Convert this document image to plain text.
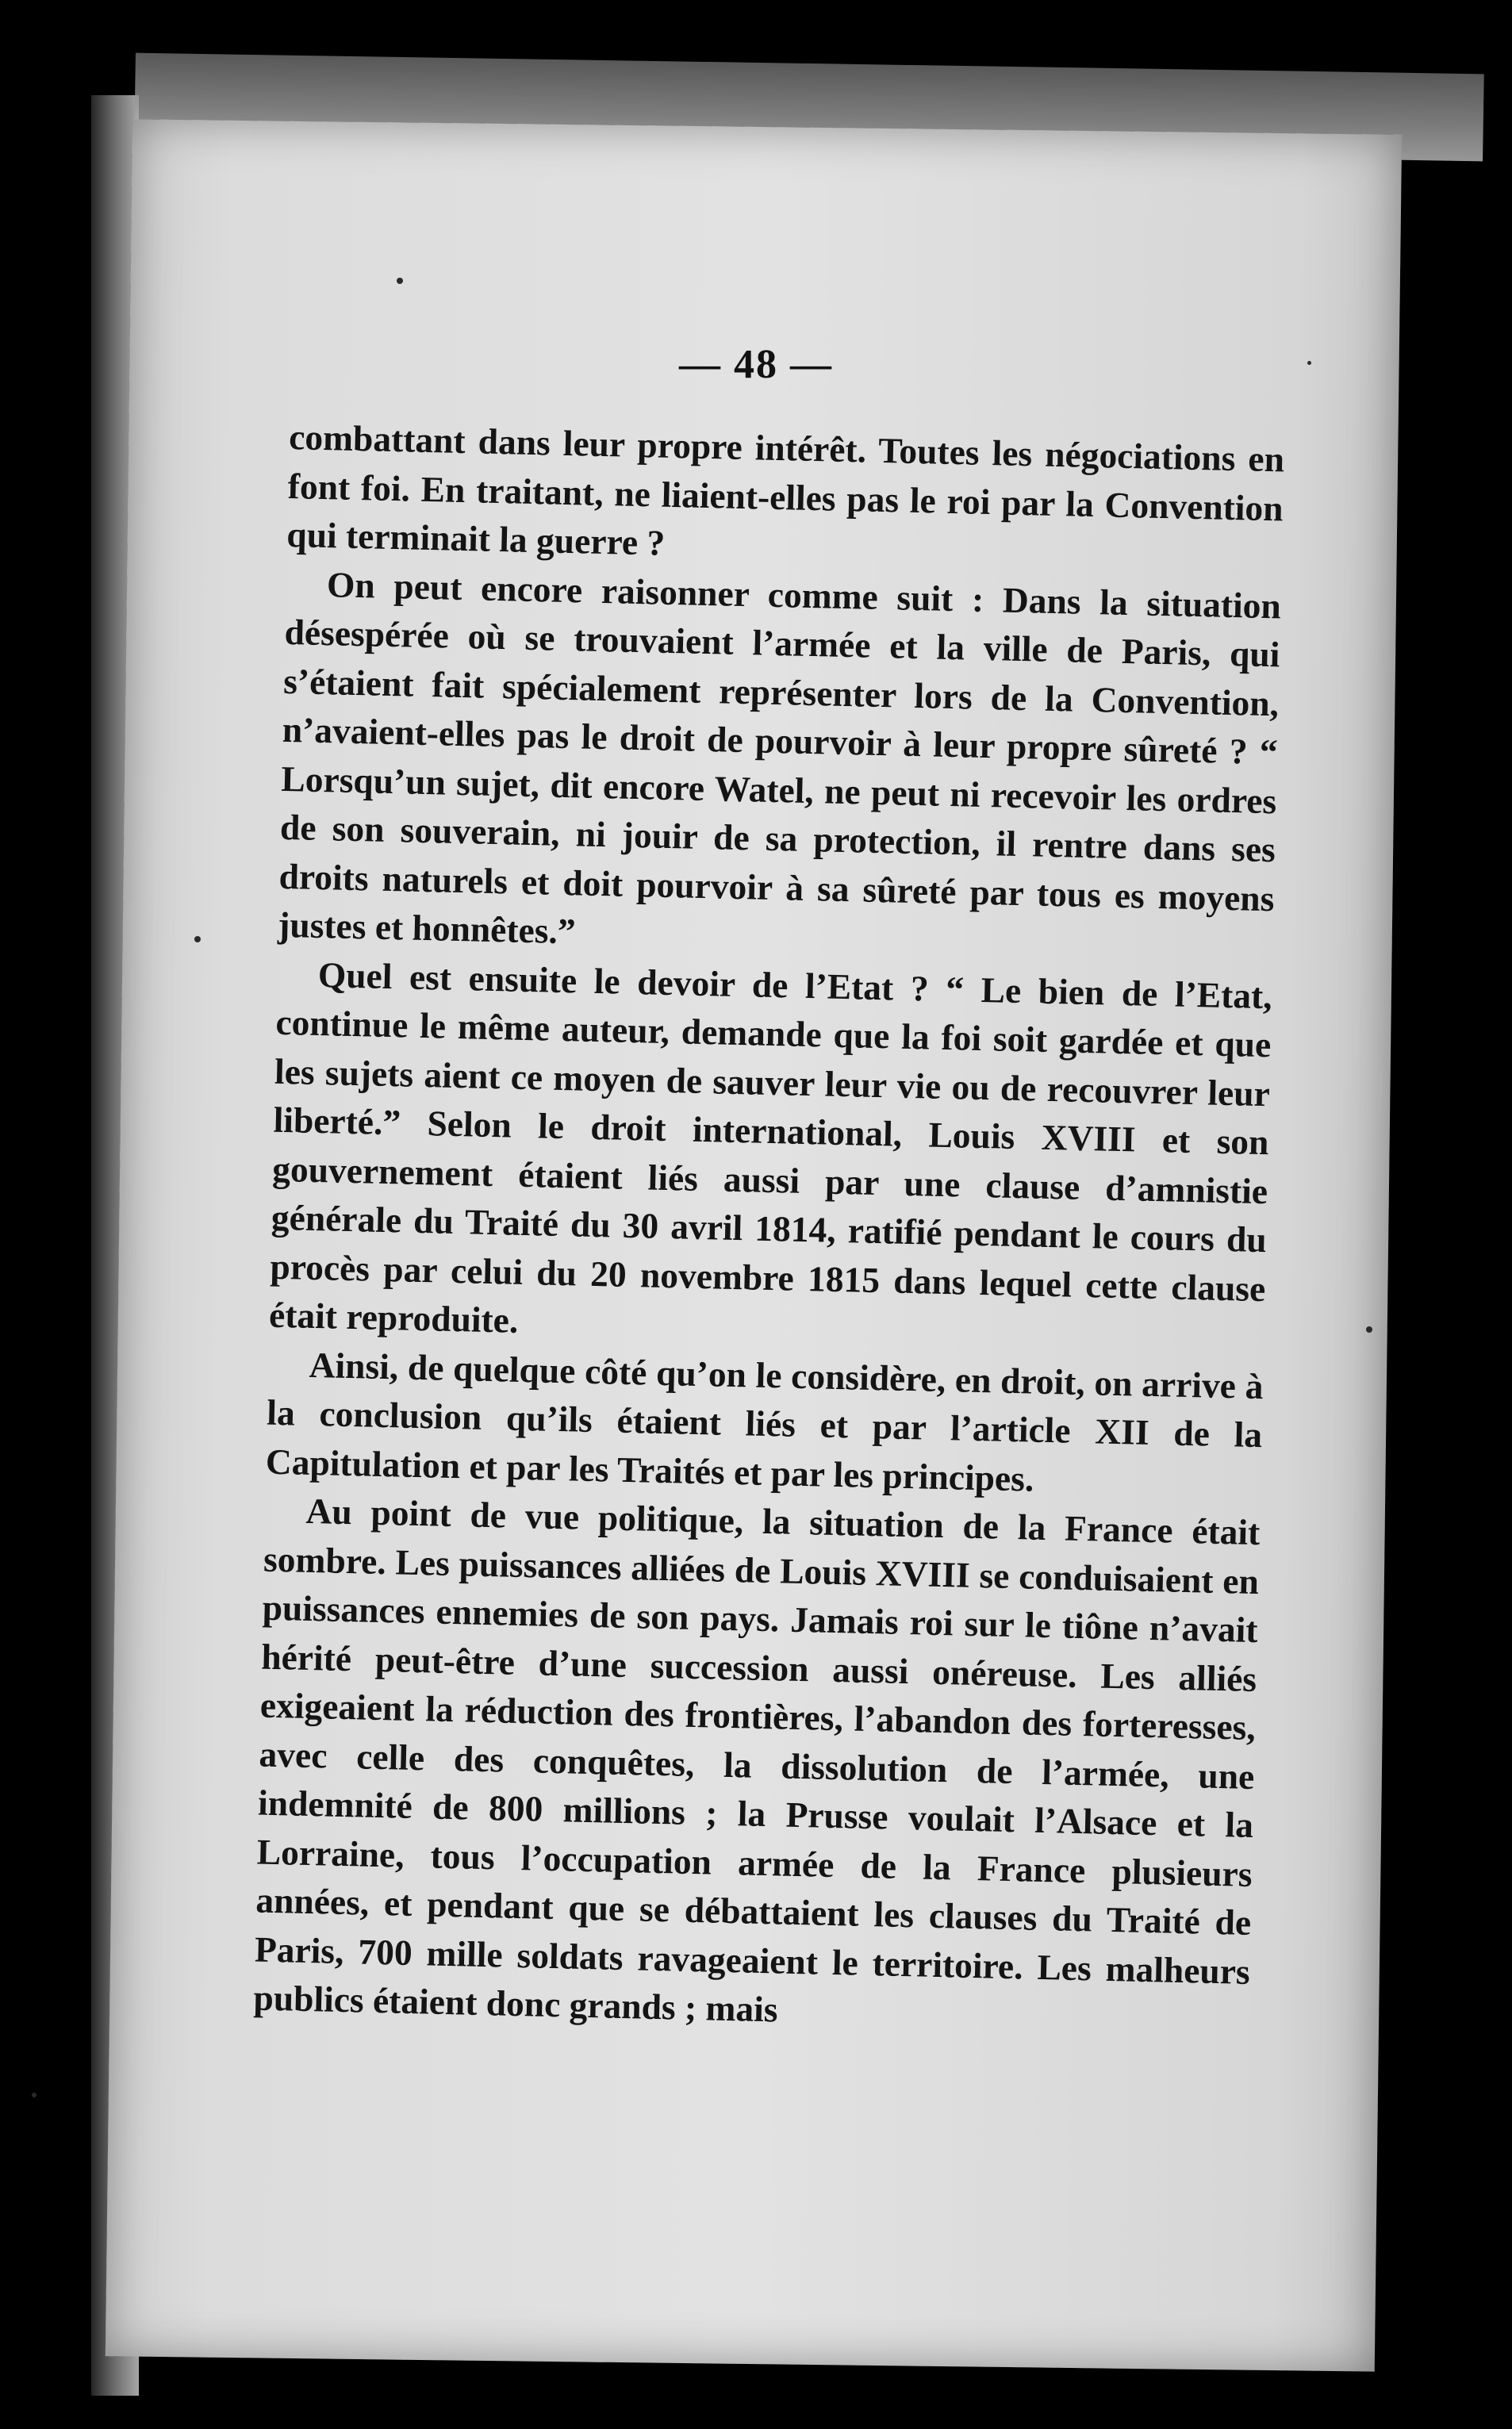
— 48 —

combattant dans leur propre intérêt. Toutes les négociations en font foi. En traitant, ne liaient-elles pas le roi par la Convention qui terminait la guerre ?

On peut encore raisonner comme suit : Dans la situation désespérée où se trouvaient l’armée et la ville de Paris, qui s’étaient fait spécialement représenter lors de la Convention, n’avaient-elles pas le droit de pourvoir à leur propre sûreté ? “ Lorsqu’un sujet, dit encore Watel, ne peut ni recevoir les ordres de son souverain, ni jouir de sa protection, il rentre dans ses droits naturels et doit pourvoir à sa sûreté par tous es moyens justes et honnêtes.”

Quel est ensuite le devoir de l’Etat ? “ Le bien de l’Etat, continue le même auteur, demande que la foi soit gardée et que les sujets aient ce moyen de sauver leur vie ou de recouvrer leur liberté.” Selon le droit international, Louis XVIII et son gouvernement étaient liés aussi par une clause d’amnistie générale du Traité du 30 avril 1814, ratifié pendant le cours du procès par celui du 20 novembre 1815 dans lequel cette clause était reproduite.

Ainsi, de quelque côté qu’on le considère, en droit, on arrive à la conclusion qu’ils étaient liés et par l’article XII de la Capitulation et par les Traités et par les principes.

Au point de vue politique, la situation de la France était sombre. Les puissances alliées de Louis XVIII se conduisaient en puissances ennemies de son pays. Jamais roi sur le tiône n’avait hérité peut-être d’une succession aussi onéreuse. Les alliés exigeaient la réduction des frontières, l’abandon des forteresses, avec celle des conquêtes, la dissolution de l’armée, une indemnité de 800 millions ; la Prusse voulait l’Alsace et la Lorraine, tous l’occupation armée de la France plusieurs années, et pendant que se débattaient les clauses du Traité de Paris, 700 mille soldats ravageaient le territoire. Les malheurs publics étaient donc grands ; mais
